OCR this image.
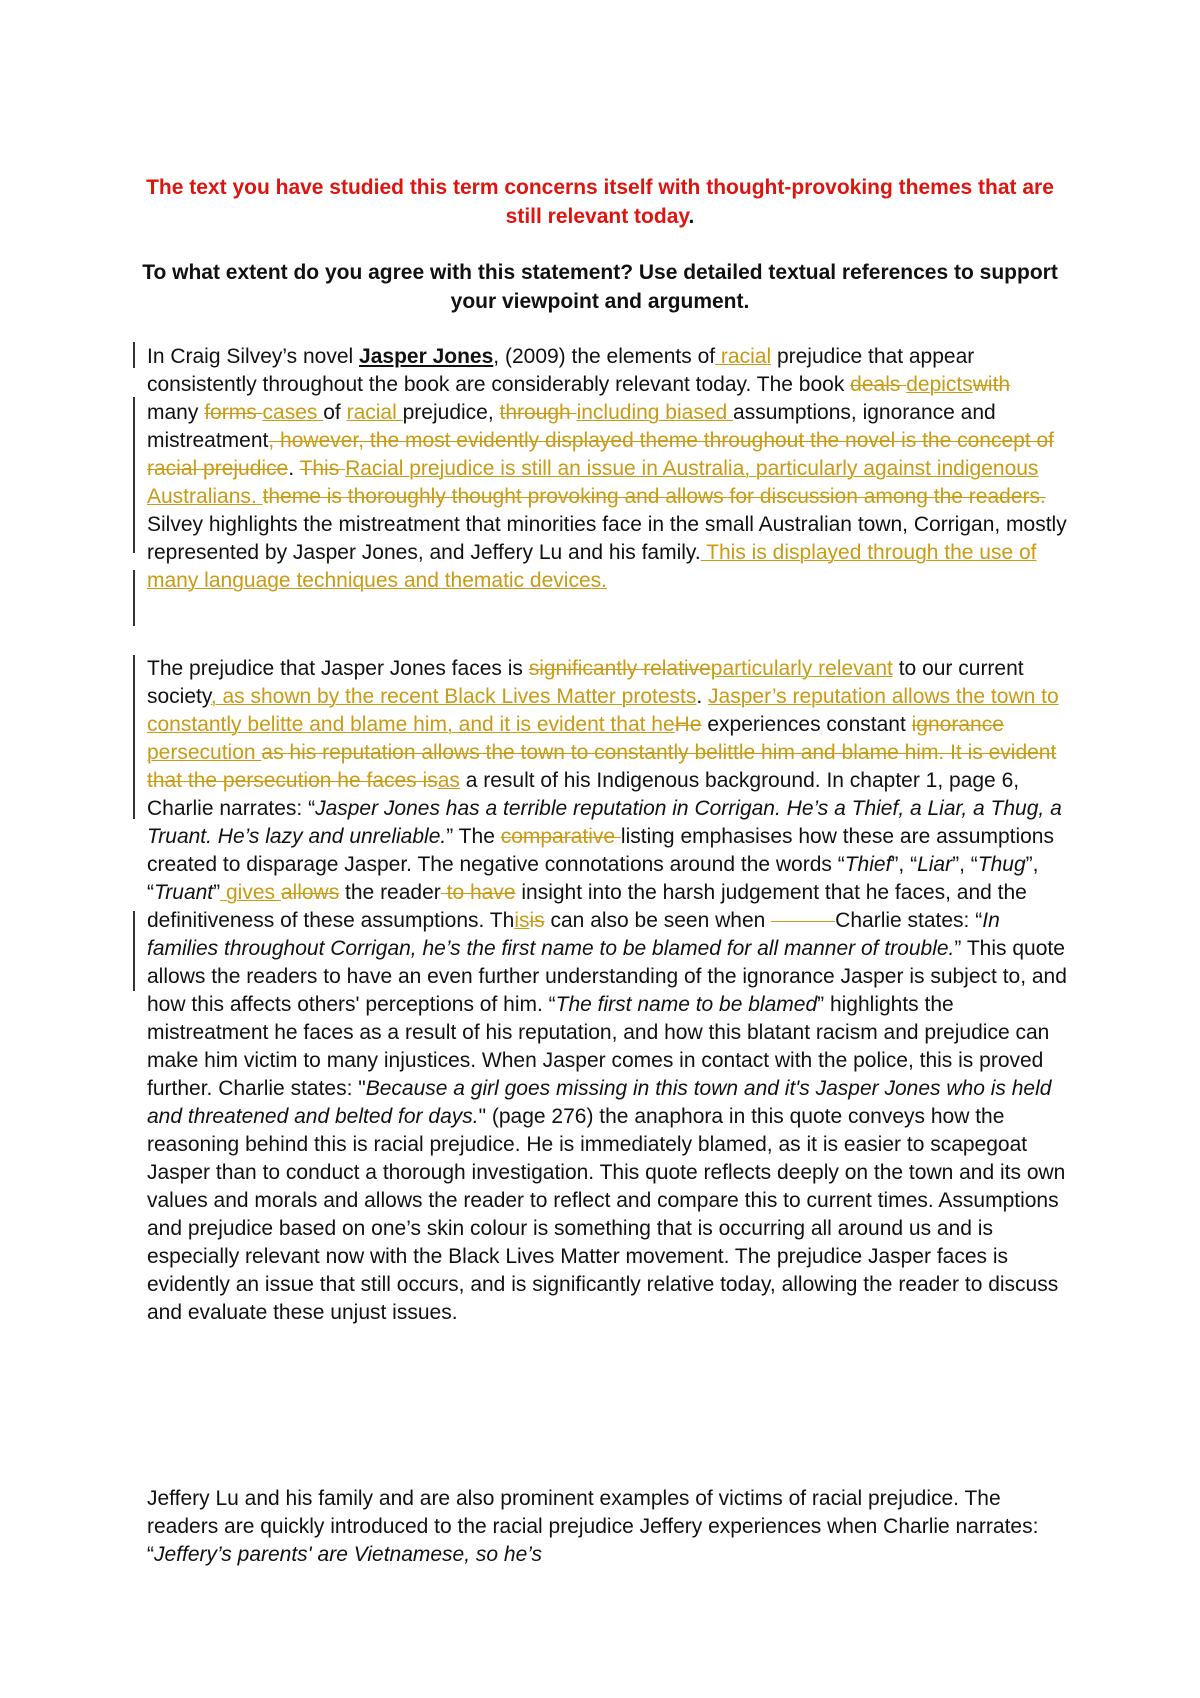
The text you have studied this term concerns itself with thought-provoking themes that are still relevant today.
To what extent do you agree with this statement? Use detailed textual references to support your viewpoint and argument.

In Craig Silvey’s novel Jasper Jones, (2009) the elements of racial prejudice that appear consistently throughout the book are considerably relevant today. The book deals depictswith many forms cases of racial prejudice, through including biased assumptions, ignorance and mistreatment, however, the most evidently displayed theme throughout the novel is the concept of racial prejudice. This Racial prejudice is still an issue in Australia, particularly against indigenous Australians. theme is thoroughly thought provoking and allows for discussion among the readers. Silvey highlights the mistreatment that minorities face in the small Australian town, Corrigan, mostly represented by Jasper Jones, and Jeffery Lu and his family. This is displayed through the use of many language techniques and thematic devices.

The prejudice that Jasper Jones faces is significantly relativeparticularly relevant to our current society, as shown by the recent Black Lives Matter protests. Jasper’s reputation allows the town to constantly belitte and blame him, and it is evident that heHe experiences constant ignorance persecution as his reputation allows the town to constantly belittle him and blame him. It is evident that the persecution he faces isas a result of his Indigenous background. In chapter 1, page 6, Charlie narrates: “Jasper Jones has a terrible reputation in Corrigan. He’s a Thief, a Liar, a Thug, a Truant. He’s lazy and unreliable.” The comparative listing emphasises how these are assumptions created to disparage Jasper. The negative connotations around the words “Thief”, “Liar”, “Thug”, “Truant” gives allows the reader to have insight into the harsh judgement that he faces, and the definitiveness of these assumptions. Thisis can also be seen when	Charlie states: “In families throughout Corrigan, he’s the first name to be blamed for all manner of trouble.” This quote allows the readers to have an even further understanding of the ignorance Jasper is subject to, and how this affects others' perceptions of him. “The first name to be blamed” highlights the mistreatment he faces as a result of his reputation, and how this blatant racism and prejudice can make him victim to many injustices. When Jasper comes in contact with the police, this is proved further. Charlie states: "Because a girl goes missing in this town and it's Jasper Jones who is held and threatened and belted for days." (page 276) the anaphora in this quote conveys how the reasoning behind this is racial prejudice. He is immediately blamed, as it is easier to scapegoat Jasper than to conduct a thorough investigation. This quote reflects deeply on the town and its own values and morals and allows the reader to reflect and compare this to current times. Assumptions and prejudice based on one’s skin colour is something that is occurring all around us and is especially relevant now with the Black Lives Matter movement. The prejudice Jasper faces is evidently an issue that still occurs, and is significantly relative today, allowing the reader to discuss and evaluate these unjust issues.

Jeffery Lu and his family and are also prominent examples of victims of racial prejudice. The readers are quickly introduced to the racial prejudice Jeffery experiences when Charlie narrates: “Jeffery’s parents' are Vietnamese, so he’s
